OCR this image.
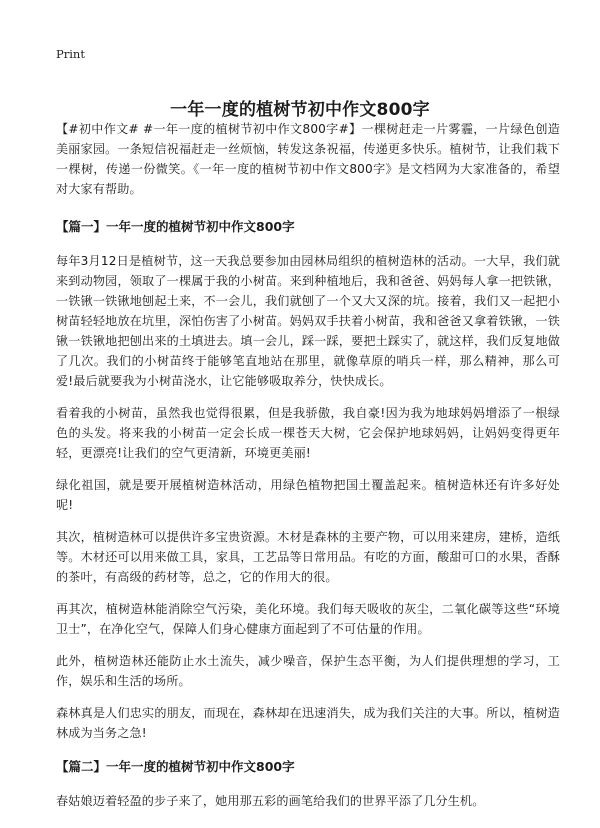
Print
一年一度的植树节初中作文800字

【#初中作文# #一年一度的植树节初中作文800字#】一棵树赶走一片雾霾，一片绿色创造美丽家园。一条短信祝福赶走一丝烦恼，转发这条祝福，传递更多快乐。植树节，让我们栽下一棵树，传递一份微笑。《一年一度的植树节初中作文800字》是文档网为大家准备的，希望对大家有帮助。

【篇一】一年一度的植树节初中作文800字

每年3月12日是植树节，这一天我总要参加由园林局组织的植树造林的活动。一大早，我们就来到动物园，领取了一棵属于我的小树苗。来到种植地后，我和爸爸、妈妈每人拿一把铁锹，一铁锹一铁锹地刨起土来，不一会儿，我们就刨了一个又大又深的坑。接着，我们又一起把小树苗轻轻地放在坑里，深怕伤害了小树苗。妈妈双手扶着小树苗，我和爸爸又拿着铁锹，一铁锹一铁锹地把刨出来的土填进去。填一会儿，踩一踩，要把土踩实了，就这样，我们反复地做了几次。我们的小树苗终于能够笔直地站在那里，就像草原的哨兵一样，那么精神，那么可爱!最后就要我为小树苗浇水，让它能够吸取养分，快快成长。

看着我的小树苗，虽然我也觉得很累，但是我骄傲，我自豪!因为我为地球妈妈增添了一根绿色的头发。将来我的小树苗一定会长成一棵苍天大树，它会保护地球妈妈，让妈妈变得更年轻，更漂亮!让我们的空气更清新，环境更美丽!

绿化祖国，就是要开展植树造林活动，用绿色植物把国土覆盖起来。植树造林还有许多好处呢!

其次，植树造林可以提供许多宝贵资源。木材是森林的主要产物，可以用来建房，建桥，造纸等。木材还可以用来做工具，家具，工艺品等日常用品。有吃的方面，酸甜可口的水果，香酥的茶叶，有高级的药材等，总之，它的作用大的很。

再其次，植树造林能消除空气污染，美化环境。我们每天吸收的灰尘，二氧化碳等这些“环境卫士”，在净化空气，保障人们身心健康方面起到了不可估量的作用。

此外，植树造林还能防止水土流失，减少噪音，保护生态平衡，为人们提供理想的学习，工作，娱乐和生活的场所。

森林真是人们忠实的朋友，而现在，森林却在迅速消失，成为我们关注的大事。所以，植树造林成为当务之急!

【篇二】一年一度的植树节初中作文800字

春姑娘迈着轻盈的步子来了，她用那五彩的画笔给我们的世界平添了几分生机。
